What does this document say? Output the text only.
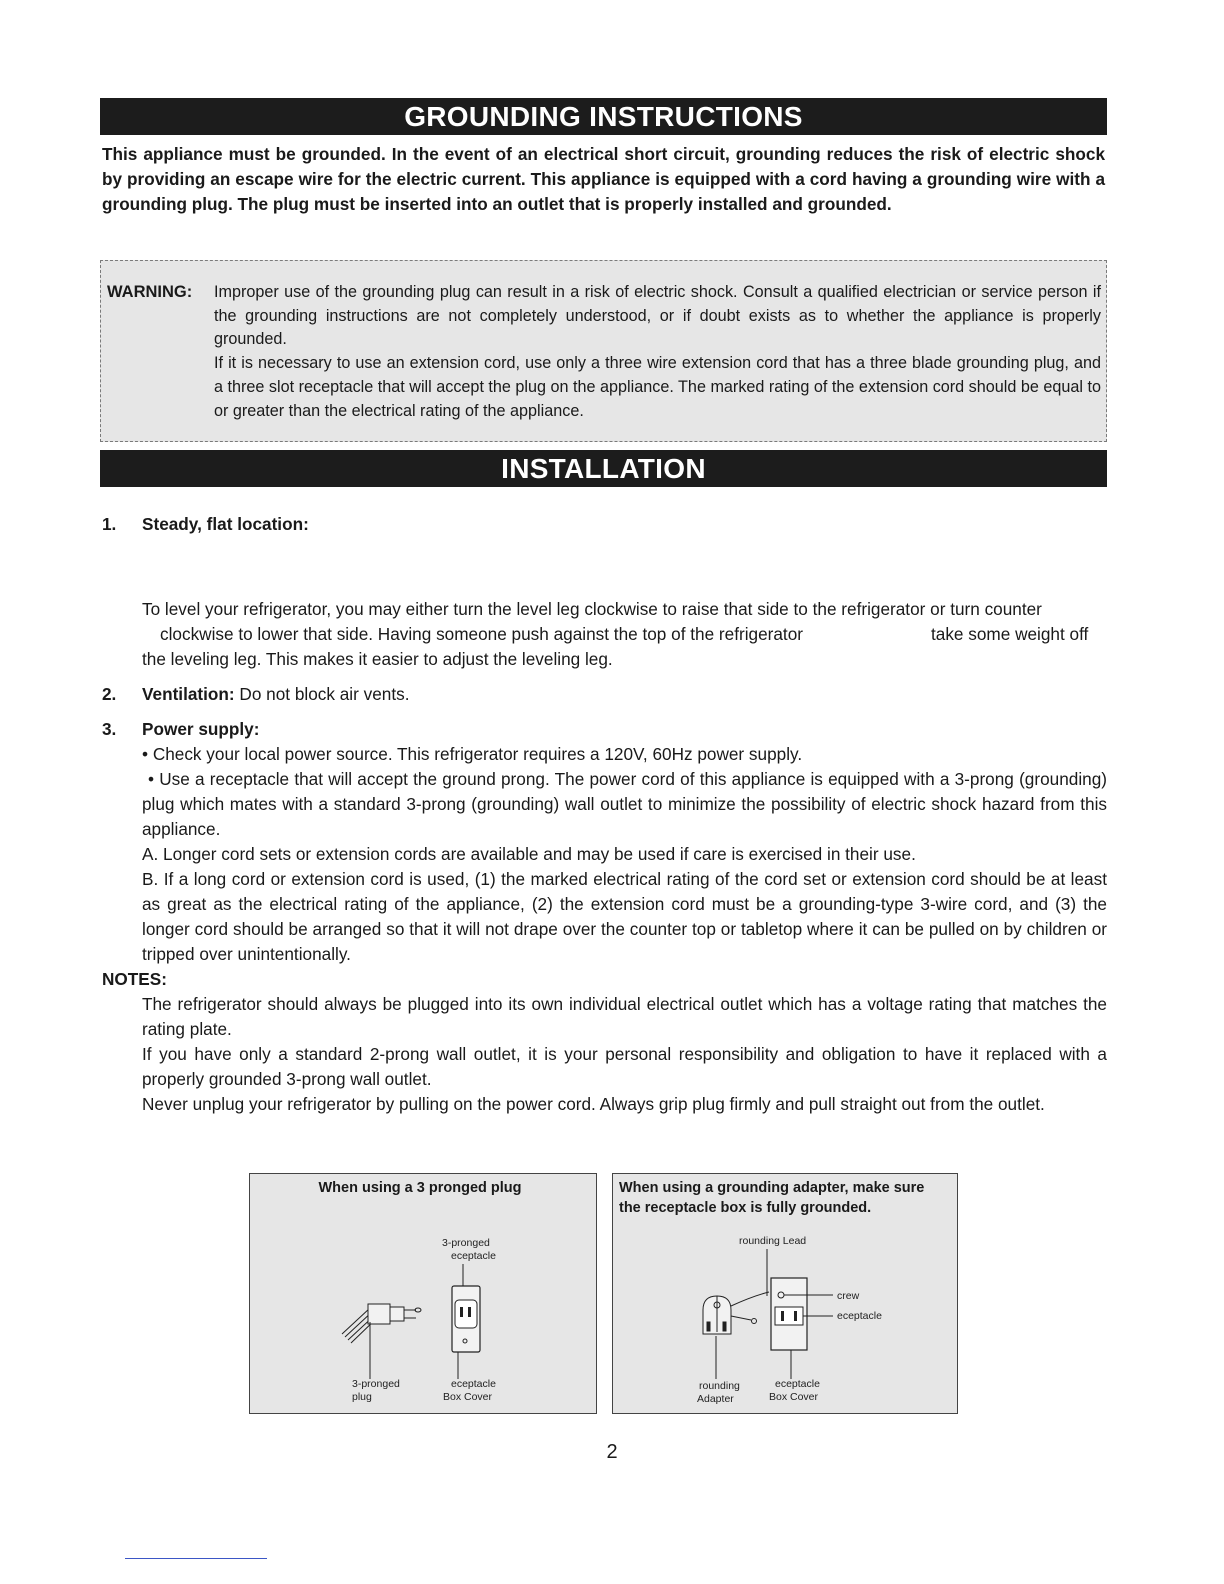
GROUNDING INSTRUCTIONS

This appliance must be grounded. In the event of an electrical short circuit, grounding reduces the risk of electric shock by providing an escape wire for the electric current. This appliance is equipped with a cord having a grounding wire with a grounding plug. The plug must be inserted into an outlet that is properly installed and grounded.

WARNING: Improper use of the grounding plug can result in a risk of electric shock. Consult a qualified electrician or service person if the grounding instructions are not completely understood, or if doubt exists as to whether the appliance is properly grounded.

If it is necessary to use an extension cord, use only a three wire extension cord that has a three blade grounding plug, and a three slot receptacle that will accept the plug on the appliance. The marked rating of the extension cord should be equal to or greater than the electrical rating of the appliance.

INSTALLATION
1. Steady, flat location:
To level your refrigerator, you may either turn the level leg clockwise to raise that side to the refrigerator or turn counter
clockwise to lower that side. Having someone push against the top of the refrigerator	take some weight off
the leveling leg. This makes it easier to adjust the leveling leg.
2. Ventilation: Do not block air vents.
3. Power supply:
• Check your local power source. This refrigerator requires a 120V, 60Hz power supply.
• Use a receptacle that will accept the ground prong. The power cord of this appliance is equipped with a 3-prong (grounding) plug which mates with a standard 3-prong (grounding) wall outlet to minimize the possibility of electric shock hazard from this appliance.
A. Longer cord sets or extension cords are available and may be used if care is exercised in their use.
B. If a long cord or extension cord is used, (1) the marked electrical rating of the cord set or extension cord should be at least as great as the electrical rating of the appliance, (2) the extension cord must be a grounding-type 3-wire cord, and (3) the longer cord should be arranged so that it will not drape over the counter top or tabletop where it can be pulled on by children or tripped over unintentionally.
NOTES:
The refrigerator should always be plugged into its own individual electrical outlet which has a voltage rating that matches the rating plate.
If you have only a standard 2-prong wall outlet, it is your personal responsibility and obligation to have it replaced with a properly grounded 3-prong wall outlet.
Never unplug your refrigerator by pulling on the power cord. Always grip plug firmly and pull straight out from the outlet.
When using a 3 pronged plug
3-pronged
eceptacle
3-pronged
plug
eceptacle
Box Cover
When using a grounding adapter, make sure
the receptacle box is fully grounded.
rounding Lead
crew
eceptacle
rounding
Adapter
eceptacle
Box Cover
2
